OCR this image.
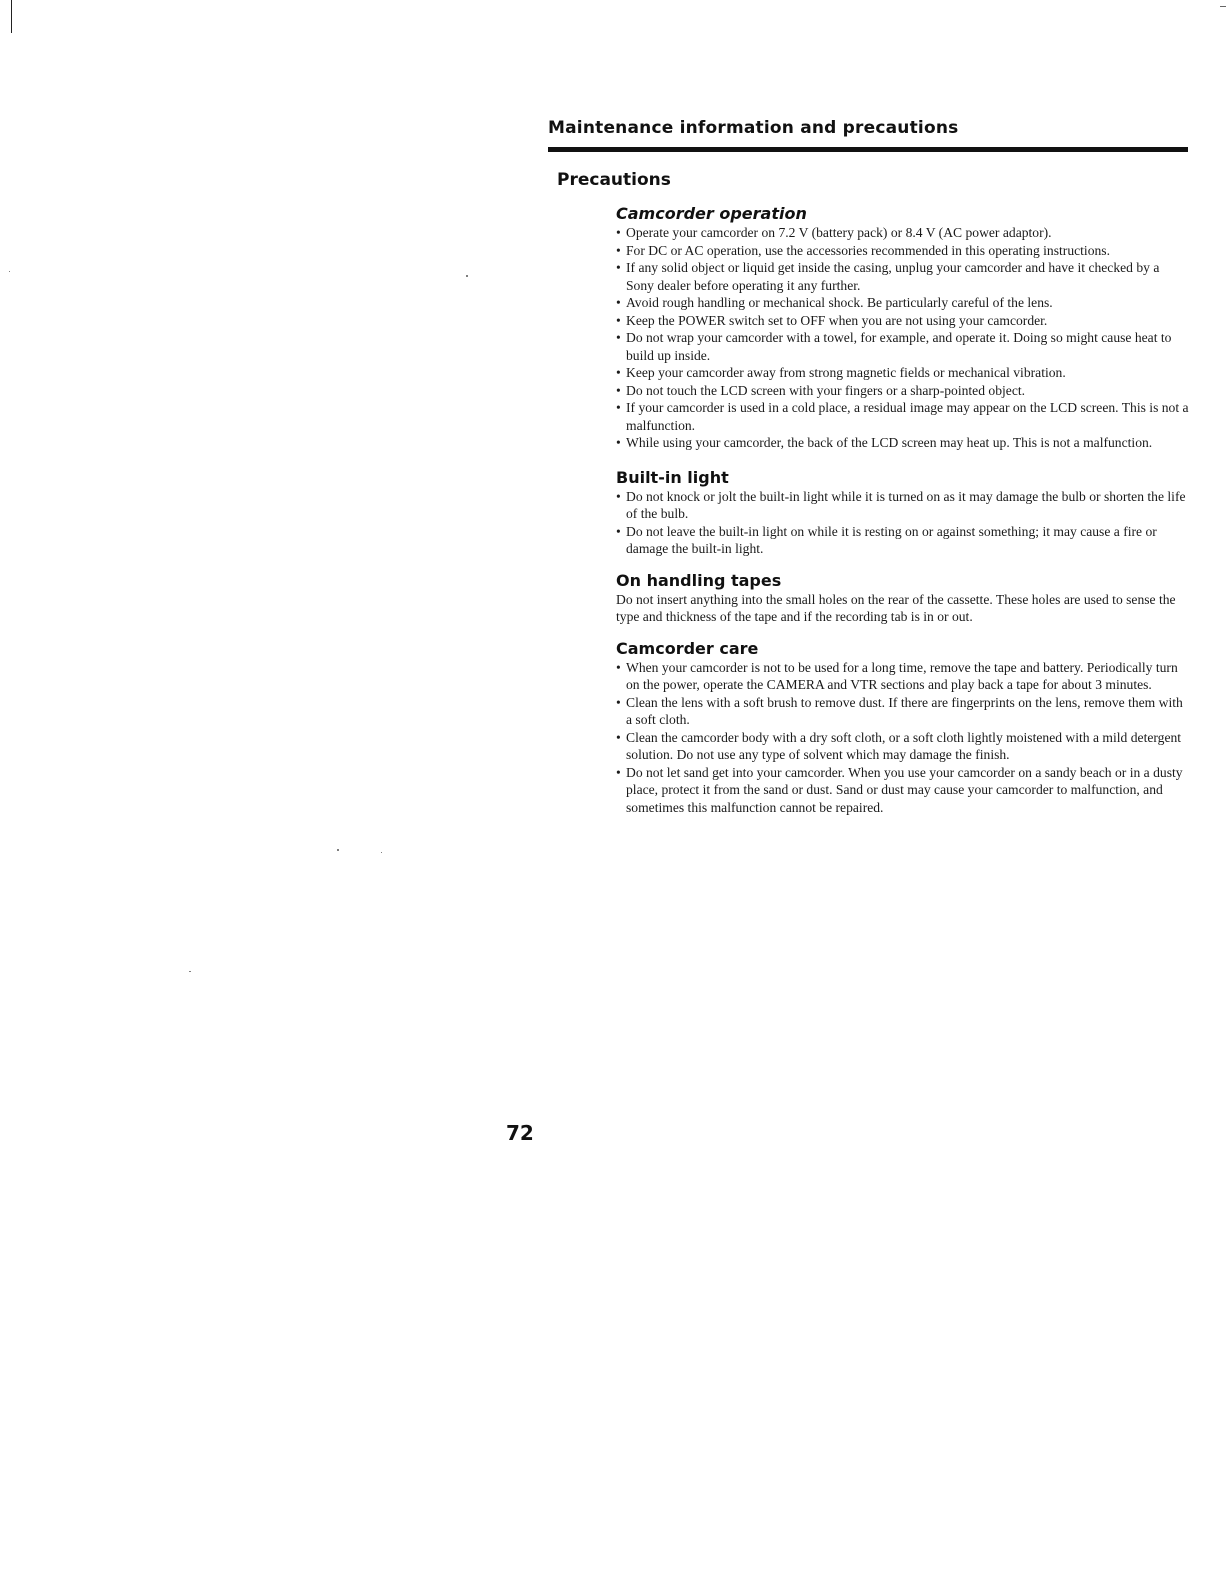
Maintenance information and precautions
Precautions
Camcorder operation
• Operate your camcorder on 7.2 V (battery pack) or 8.4 V (AC power adaptor).
• For DC or AC operation, use the accessories recommended in this operating instructions.
• If any solid object or liquid get inside the casing, unplug your camcorder and have it checked by a Sony dealer before operating it any further.
• Avoid rough handling or mechanical shock. Be particularly careful of the lens.
• Keep the POWER switch set to OFF when you are not using your camcorder.
• Do not wrap your camcorder with a towel, for example, and operate it. Doing so might cause heat to build up inside.
• Keep your camcorder away from strong magnetic fields or mechanical vibration.
• Do not touch the LCD screen with your fingers or a sharp-pointed object.
• If your camcorder is used in a cold place, a residual image may appear on the LCD screen. This is not a malfunction.
• While using your camcorder, the back of the LCD screen may heat up. This is not a malfunction.
Built-in light
• Do not knock or jolt the built-in light while it is turned on as it may damage the bulb or shorten the life of the bulb.
• Do not leave the built-in light on while it is resting on or against something; it may cause a fire or damage the built-in light.
On handling tapes

Do not insert anything into the small holes on the rear of the cassette. These holes are used to sense the type and thickness of the tape and if the recording tab is in or out.

Camcorder care
• When your camcorder is not to be used for a long time, remove the tape and battery. Periodically turn on the power, operate the CAMERA and VTR sections and play back a tape for about 3 minutes.
• Clean the lens with a soft brush to remove dust. If there are fingerprints on the lens, remove them with a soft cloth.
• Clean the camcorder body with a dry soft cloth, or a soft cloth lightly moistened with a mild detergent solution. Do not use any type of solvent which may damage the finish.
• Do not let sand get into your camcorder. When you use your camcorder on a sandy beach or in a dusty place, protect it from the sand or dust. Sand or dust may cause your camcorder to malfunction, and sometimes this malfunction cannot be repaired.

72
